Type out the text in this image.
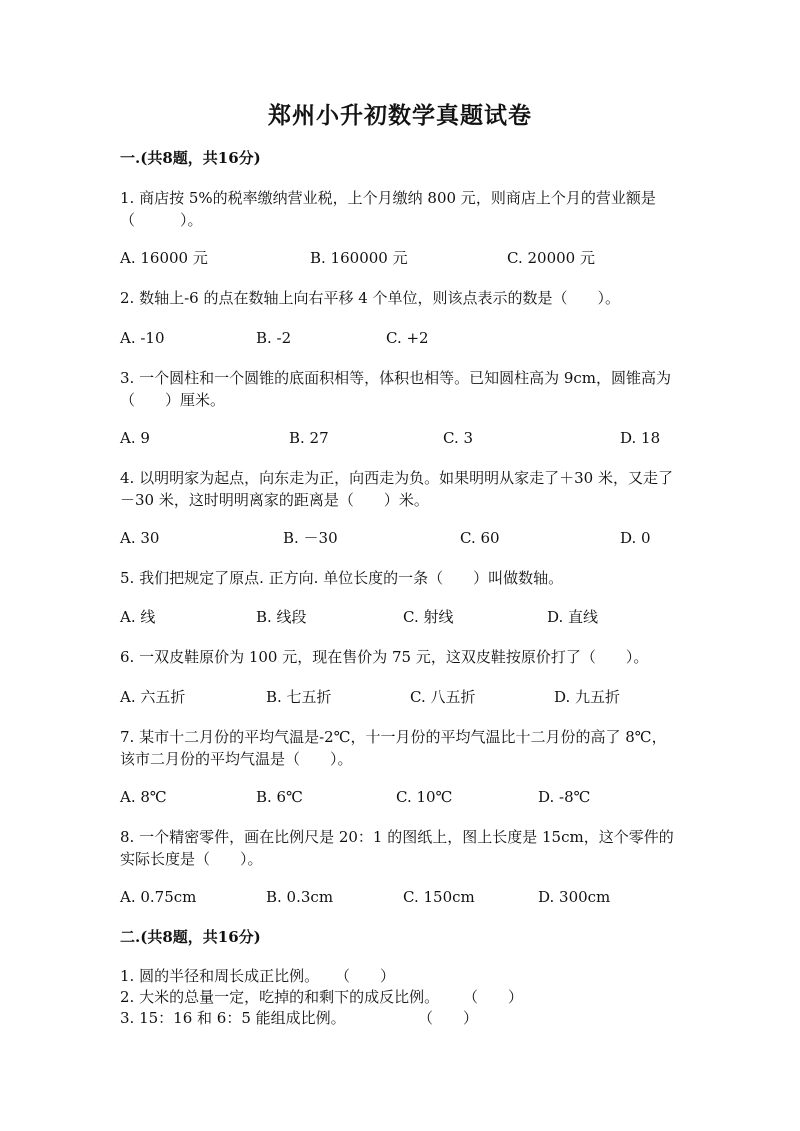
郑州小升初数学真题试卷

一.(共8题，共16分)

1. 商店按 5%的税率缴纳营业税，上个月缴纳 800 元，则商店上个月的营业额是（　　　）。

A. 16000 元	B. 160000 元	C. 20000 元

2. 数轴上-6 的点在数轴上向右平移 4 个单位，则该点表示的数是（　　）。

A. -10	B. -2	C. +2

3. 一个圆柱和一个圆锥的底面积相等，体积也相等。已知圆柱高为 9cm，圆锥高为（　　）厘米。

A. 9	B. 27	C. 3	D. 18

4. 以明明家为起点，向东走为正，向西走为负。如果明明从家走了＋30 米，又走了－30 米，这时明明离家的距离是（　　）米。

A. 30	B. －30	C. 60	D. 0

5. 我们把规定了原点. 正方向. 单位长度的一条（　　）叫做数轴。

A. 线	B. 线段	C. 射线	D. 直线

6. 一双皮鞋原价为 100 元，现在售价为 75 元，这双皮鞋按原价打了（　　）。

A. 六五折	B. 七五折	C. 八五折	D. 九五折

7. 某市十二月份的平均气温是-2℃，十一月份的平均气温比十二月份的高了 8℃，该市二月份的平均气温是（　　）。

A. 8℃	B. 6℃	C. 10℃	D. -8℃

8. 一个精密零件，画在比例尺是 20：1 的图纸上，图上长度是 15cm，这个零件的实际长度是（　　）。

A. 0.75cm	B. 0.3cm	C. 150cm	D. 300cm

二.(共8题，共16分)

1. 圆的半径和周长成正比例。 （　　）
2. 大米的总量一定，吃掉的和剩下的成反比例。 （　　）
3. 15：16 和 6：5 能组成比例。	（　　）
